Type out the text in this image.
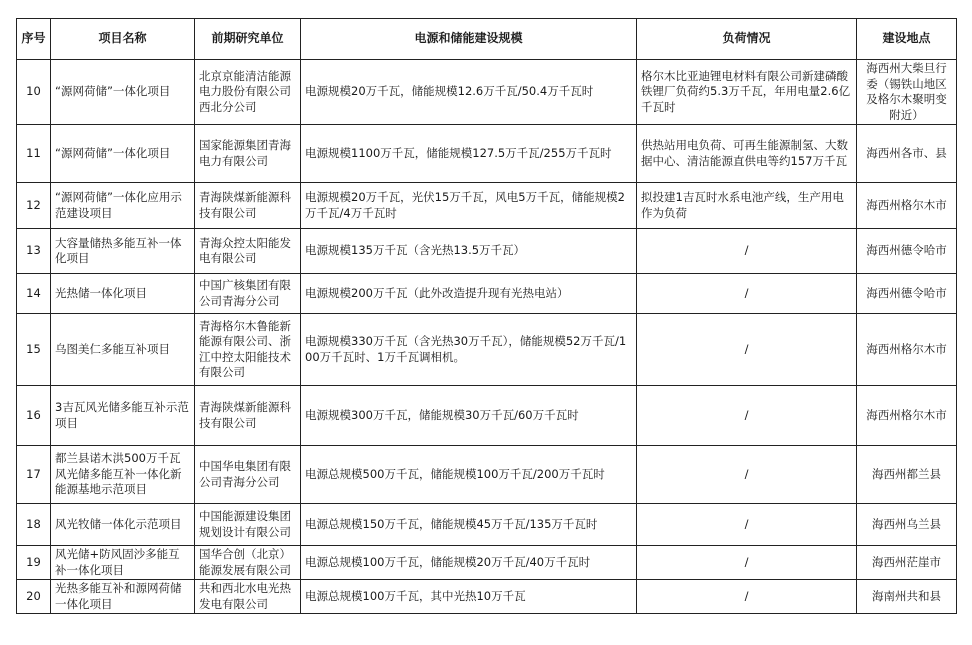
序号	项目名称	前期研究单位	电源和储能建设规模	负荷情况	建设地点
10	“源网荷储”一体化项目	北京京能清洁能源电力股份有限公司西北分公司	电源规模20万千瓦，储能规模12.6万千瓦/50.4万千瓦时	格尔木比亚迪锂电材料有限公司新建磷酸铁锂厂负荷约5.3万千瓦，年用电量2.6亿千瓦时	海西州大柴旦行委（锡铁山地区及格尔木聚明变附近）
11	“源网荷储”一体化项目	国家能源集团青海电力有限公司	电源规模1100万千瓦，储能规模127.5万千瓦/255万千瓦时	供热站用电负荷、可再生能源制氢、大数据中心、清洁能源直供电等约157万千瓦	海西州各市、县
12	“源网荷储”一体化应用示范建设项目	青海陕煤新能源科技有限公司	电源规模20万千瓦，光伏15万千瓦，风电5万千瓦，储能规模2万千瓦/4万千瓦时	拟投建1吉瓦时水系电池产线，生产用电作为负荷	海西州格尔木市
13	大容量储热多能互补一体化项目	青海众控太阳能发电有限公司	电源规模135万千瓦（含光热13.5万千瓦）	/	海西州德令哈市
14	光热储一体化项目	中国广核集团有限公司青海分公司	电源规模200万千瓦（此外改造提升现有光热电站）	/	海西州德令哈市
15	乌图美仁多能互补项目	青海格尔木鲁能新能源有限公司、浙江中控太阳能技术有限公司	电源规模330万千瓦（含光热30万千瓦），储能规模52万千瓦/100万千瓦时、1万千瓦调相机。	/	海西州格尔木市
16	3吉瓦风光储多能互补示范项目	青海陕煤新能源科技有限公司	电源规模300万千瓦，储能规模30万千瓦/60万千瓦时	/	海西州格尔木市
17	都兰县诺木洪500万千瓦风光储多能互补一体化新能源基地示范项目	中国华电集团有限公司青海分公司	电源总规模500万千瓦，储能规模100万千瓦/200万千瓦时	/	海西州都兰县
18	风光牧储一体化示范项目	中国能源建设集团规划设计有限公司	电源总规模150万千瓦，储能规模45万千瓦/135万千瓦时	/	海西州乌兰县
19	风光储+防风固沙多能互补一体化项目	国华合创（北京）能源发展有限公司	电源总规模100万千瓦，储能规模20万千瓦/40万千瓦时	/	海西州茫崖市
20	光热多能互补和源网荷储一体化项目	共和西北水电光热发电有限公司	电源总规模100万千瓦，其中光热10万千瓦	/	海南州共和县
